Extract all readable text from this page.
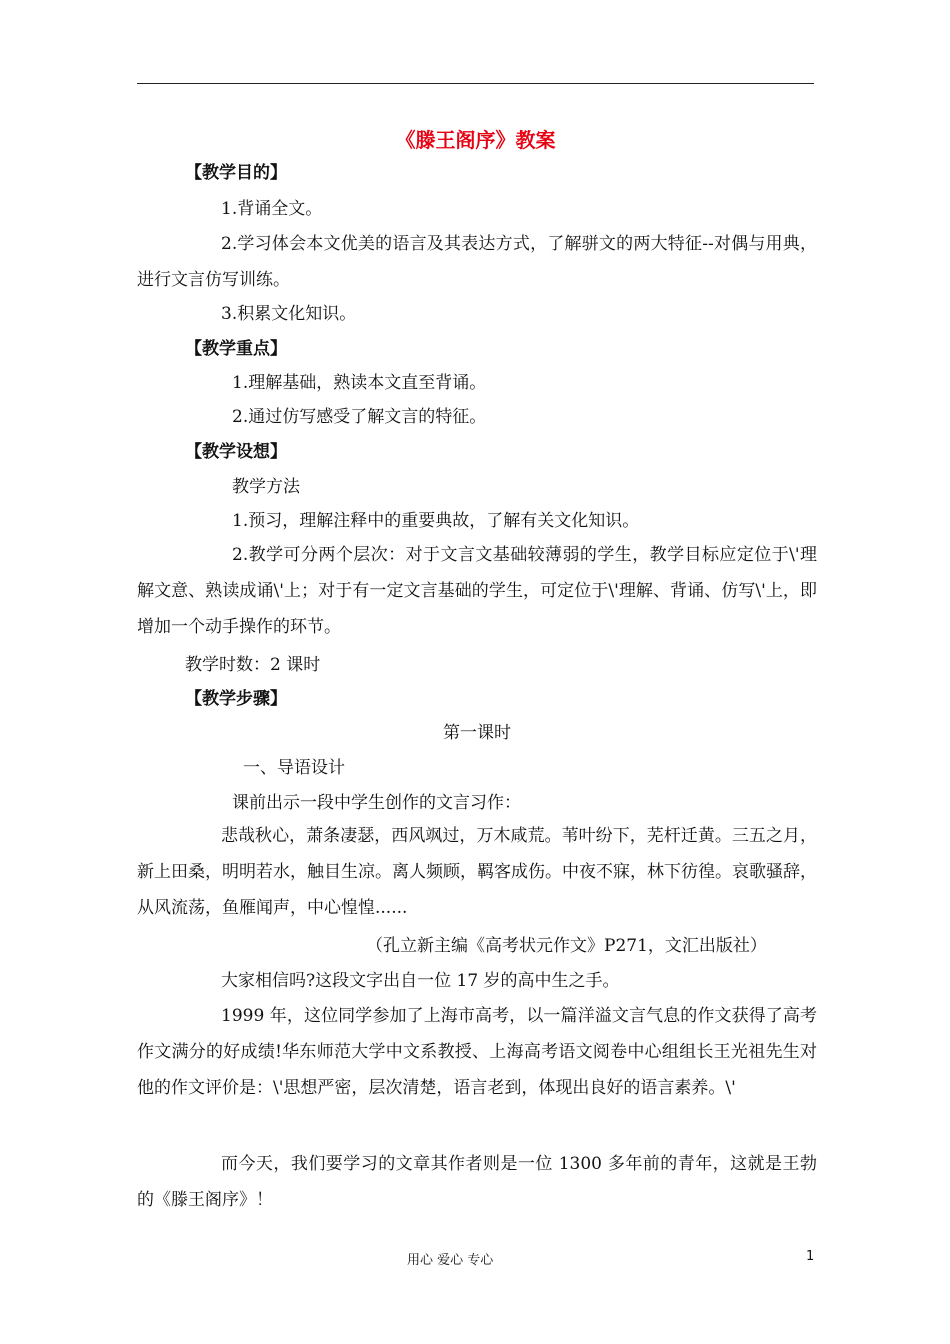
《滕王阁序》教案
【教学目的】
1.背诵全文。
2.学习体会本文优美的语言及其表达方式，了解骈文的两大特征--对偶与用典，进行文言仿写训练。
3.积累文化知识。
【教学重点】
1.理解基础，熟读本文直至背诵。
2.通过仿写感受了解文言的特征。
【教学设想】
教学方法
1.预习，理解注释中的重要典故，了解有关文化知识。
2.教学可分两个层次：对于文言文基础较薄弱的学生，教学目标应定位于\'理解文意、熟读成诵\'上；对于有一定文言基础的学生，可定位于\'理解、背诵、仿写\'上，即增加一个动手操作的环节。
教学时数：2 课时
【教学步骤】
第一课时
一、导语设计
课前出示一段中学生创作的文言习作：
悲哉秋心，萧条凄瑟，西风飒过，万木咸荒。苇叶纷下，芜杆迁黄。三五之月，新上田桑，明明若水，触目生凉。离人频顾，羁客成伤。中夜不寐，林下彷徨。哀歌骚辞，从风流荡，鱼雁闻声，中心惶惶......
（孔立新主编《高考状元作文》P271，文汇出版社）
大家相信吗?这段文字出自一位 17 岁的高中生之手。
1999 年，这位同学参加了上海市高考，以一篇洋溢文言气息的作文获得了高考作文满分的好成绩!华东师范大学中文系教授、上海高考语文阅卷中心组组长王光祖先生对他的作文评价是：\'思想严密，层次清楚，语言老到，体现出良好的语言素养。\'
而今天，我们要学习的文章其作者则是一位 1300 多年前的青年，这就是王勃的《滕王阁序》！
用心 爱心 专心	1
